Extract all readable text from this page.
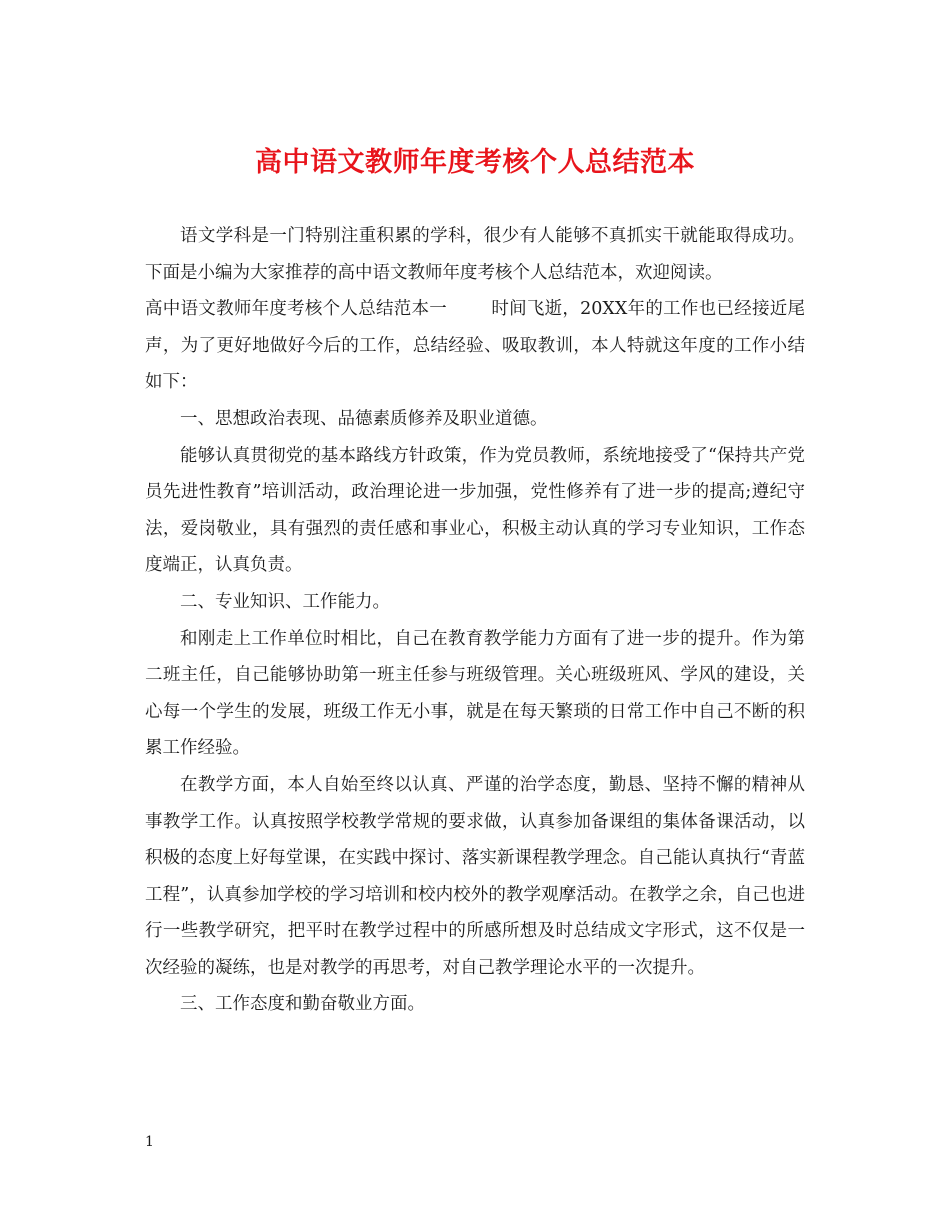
高中语文教师年度考核个人总结范本

语文学科是一门特别注重积累的学科，很少有人能够不真抓实干就能取得成功。下面是小编为大家推荐的高中语文教师年度考核个人总结范本，欢迎阅读。

高中语文教师年度考核个人总结范本一	时间飞逝，20XX年的工作也已经接近尾声，为了更好地做好今后的工作，总结经验、吸取教训，本人特就这年度的工作小结如下：

一、思想政治表现、品德素质修养及职业道德。

能够认真贯彻党的基本路线方针政策，作为党员教师，系统地接受了“保持共产党员先进性教育”培训活动，政治理论进一步加强，党性修养有了进一步的提高;遵纪守法，爱岗敬业，具有强烈的责任感和事业心，积极主动认真的学习专业知识，工作态度端正，认真负责。

二、专业知识、工作能力。

和刚走上工作单位时相比，自己在教育教学能力方面有了进一步的提升。作为第二班主任，自己能够协助第一班主任参与班级管理。关心班级班风、学风的建设，关心每一个学生的发展，班级工作无小事，就是在每天繁琐的日常工作中自己不断的积累工作经验。

在教学方面，本人自始至终以认真、严谨的治学态度，勤恳、坚持不懈的精神从事教学工作。认真按照学校教学常规的要求做，认真参加备课组的集体备课活动，以积极的态度上好每堂课，在实践中探讨、落实新课程教学理念。自己能认真执行“青蓝工程”，认真参加学校的学习培训和校内校外的教学观摩活动。在教学之余，自己也进行一些教学研究，把平时在教学过程中的所感所想及时总结成文字形式，这不仅是一次经验的凝练，也是对教学的再思考，对自己教学理论水平的一次提升。

三、工作态度和勤奋敬业方面。

1
